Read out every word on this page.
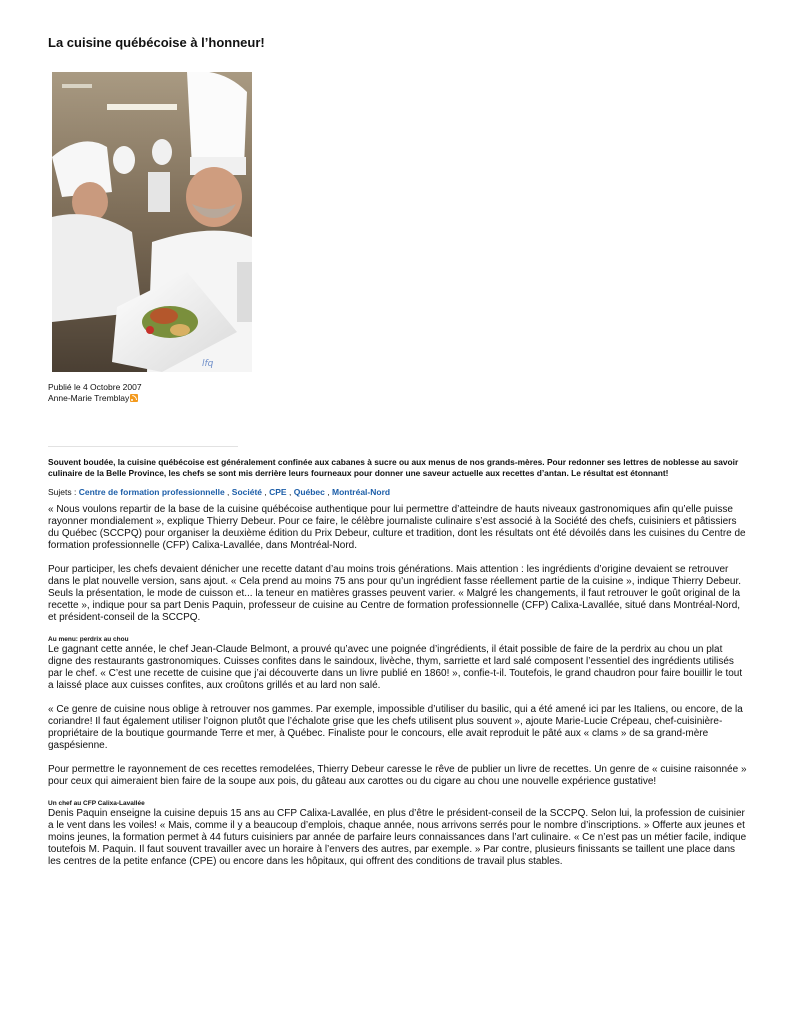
La cuisine québécoise à l’honneur!
lfq
Publié le 4 Octobre 2007
Anne-Marie Tremblay

Souvent boudée, la cuisine québécoise est généralement confinée aux cabanes à sucre ou aux menus de nos grands-mères. Pour redonner ses lettres de noblesse au savoir culinaire de la Belle Province, les chefs se sont mis derrière leurs fourneaux pour donner une saveur actuelle aux recettes d’antan. Le résultat est étonnant!

Sujets : Centre de formation professionnelle , Société , CPE , Québec , Montréal-Nord

« Nous voulons repartir de la base de la cuisine québécoise authentique pour lui permettre d’atteindre de hauts niveaux gastronomiques afin qu’elle puisse rayonner mondialement », explique Thierry Debeur. Pour ce faire, le célèbre journaliste culinaire s’est associé à la Société des chefs, cuisiniers et pâtissiers du Québec (SCCPQ) pour organiser la deuxième édition du Prix Debeur, culture et tradition, dont les résultats ont été dévoilés dans les cuisines du Centre de formation professionnelle (CFP) Calixa-Lavallée, dans Montréal-Nord.

Pour participer, les chefs devaient dénicher une recette datant d’au moins trois générations. Mais attention : les ingrédients d’origine devaient se retrouver dans le plat nouvelle version, sans ajout. « Cela prend au moins 75 ans pour qu’un ingrédient fasse réellement partie de la cuisine », indique Thierry Debeur. Seuls la présentation, le mode de cuisson et... la teneur en matières grasses peuvent varier. « Malgré les changements, il faut retrouver le goût original de la recette », indique pour sa part Denis Paquin, professeur de cuisine au Centre de formation professionnelle (CFP) Calixa-Lavallée, situé dans Montréal-Nord, et président-conseil de la SCCPQ.

Au menu: perdrix au chou

Le gagnant cette année, le chef Jean-Claude Belmont, a prouvé qu’avec une poignée d’ingrédients, il était possible de faire de la perdrix au chou un plat digne des restaurants gastronomiques. Cuisses confites dans le saindoux, livèche, thym, sarriette et lard salé composent l’essentiel des ingrédients utilisés par le chef. « C’est une recette de cuisine que j’ai découverte dans un livre publié en 1860! », confie-t-il. Toutefois, le grand chaudron pour faire bouillir le tout a laissé place aux cuisses confites, aux croûtons grillés et au lard non salé.

« Ce genre de cuisine nous oblige à retrouver nos gammes. Par exemple, impossible d’utiliser du basilic, qui a été amené ici par les Italiens, ou encore, de la coriandre! Il faut également utiliser l’oignon plutôt que l’échalote grise que les chefs utilisent plus souvent », ajoute Marie-Lucie Crépeau, chef-cuisinière-propriétaire de la boutique gourmande Terre et mer, à Québec. Finaliste pour le concours, elle avait reproduit le pâté aux « clams » de sa grand-mère gaspésienne.

Pour permettre le rayonnement de ces recettes remodelées, Thierry Debeur caresse le rêve de publier un livre de recettes. Un genre de « cuisine raisonnée » pour ceux qui aimeraient bien faire de la soupe aux pois, du gâteau aux carottes ou du cigare au chou une nouvelle expérience gustative!

Un chef au CFP Calixa-Lavallée

Denis Paquin enseigne la cuisine depuis 15 ans au CFP Calixa-Lavallée, en plus d’être le président-conseil de la SCCPQ. Selon lui, la profession de cuisinier a le vent dans les voiles! « Mais, comme il y a beaucoup d’emplois, chaque année, nous arrivons serrés pour le nombre d’inscriptions. » Offerte aux jeunes et moins jeunes, la formation permet à 44 futurs cuisiniers par année de parfaire leurs connaissances dans l’art culinaire. « Ce n’est pas un métier facile, indique toutefois M. Paquin. Il faut souvent travailler avec un horaire à l’envers des autres, par exemple. » Par contre, plusieurs finissants se taillent une place dans les centres de la petite enfance (CPE) ou encore dans les hôpitaux, qui offrent des conditions de travail plus stables.
